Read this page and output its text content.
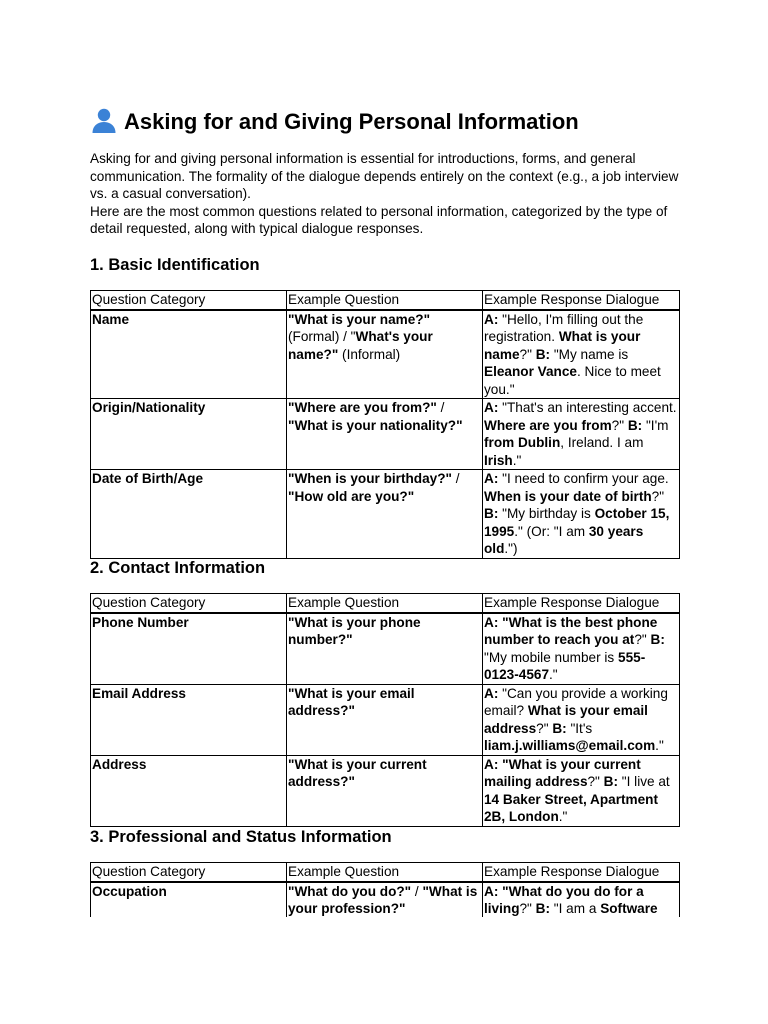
Asking for and Giving Personal Information

Asking for and giving personal information is essential for introductions, forms, and general communication. The formality of the dialogue depends entirely on the context (e.g., a job interview vs. a casual conversation).

Here are the most common questions related to personal information, categorized by the type of detail requested, along with typical dialogue responses.

1. Basic Identification
Question Category	Example Question	Example Response Dialogue
Name	"What is your name?" (Formal) / "What's your name?" (Informal)	A: "Hello, I'm filling out the registration. What is your name?" B: "My name is Eleanor Vance. Nice to meet you."
Origin/Nationality	"Where are you from?" / "What is your nationality?"	A: "That's an interesting accent. Where are you from?" B: "I'm from Dublin, Ireland. I am Irish."
Date of Birth/Age	"When is your birthday?" / "How old are you?"	A: "I need to confirm your age. When is your date of birth?" B: "My birthday is October 15, 1995." (Or: "I am 30 years old.")
2. Contact Information
Question Category	Example Question	Example Response Dialogue
Phone Number	"What is your phone number?"	A: "What is the best phone number to reach you at?" B: "My mobile number is 555-0123-4567."
Email Address	"What is your email address?"	A: "Can you provide a working email? What is your email address?" B: "It's liam.j.williams@email.com."
Address	"What is your current address?"	A: "What is your current mailing address?" B: "I live at 14 Baker Street, Apartment 2B, London."
3. Professional and Status Information
Question Category	Example Question	Example Response Dialogue
Occupation	"What do you do?" / "What is your profession?"	A: "What do you do for a living?" B: "I am a Software
